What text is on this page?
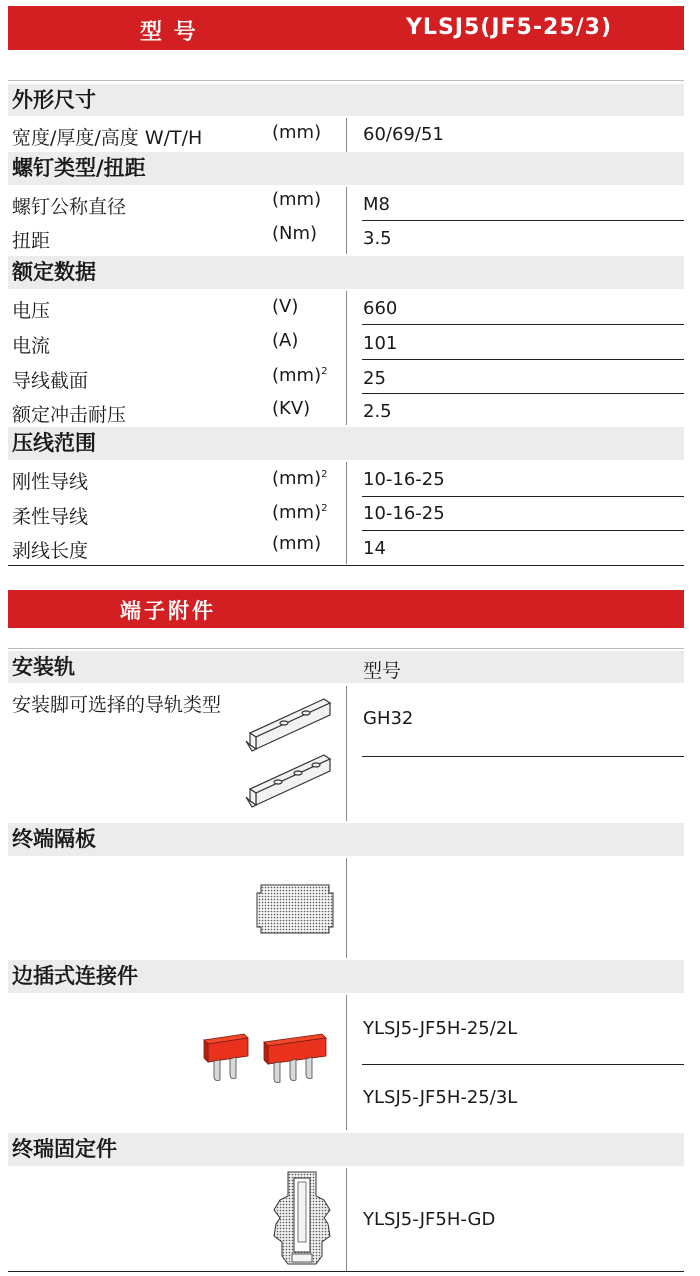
型 号	YLSJ5(JF5-25/3)
外形尺寸
宽度/厚度/高度 W/T/H	(mm) 60/69/51
螺钉类型/扭距
螺钉公称直径	(mm) M8
扭距	(Nm)	3.5
额定数据
电压	(V)	660
电流	(A)	101
导线截面	(mm)$^2$ 25
额定冲击耐压	(KV)	2.5
压线范围
刚性导线	(mm)$^2$ 10-16-25
柔性导线	(mm)$^2$ 10-16-25
剥线长度	(mm) 14
端子附件
安装轨	型号
安装脚可选择的导轨类型
GH32
终端隔板
边插式连接件
YLSJ5-JF5H-25/2L
YLSJ5-JF5H-25/3L
终瑞固定件
YLSJ5-JF5H-GD
